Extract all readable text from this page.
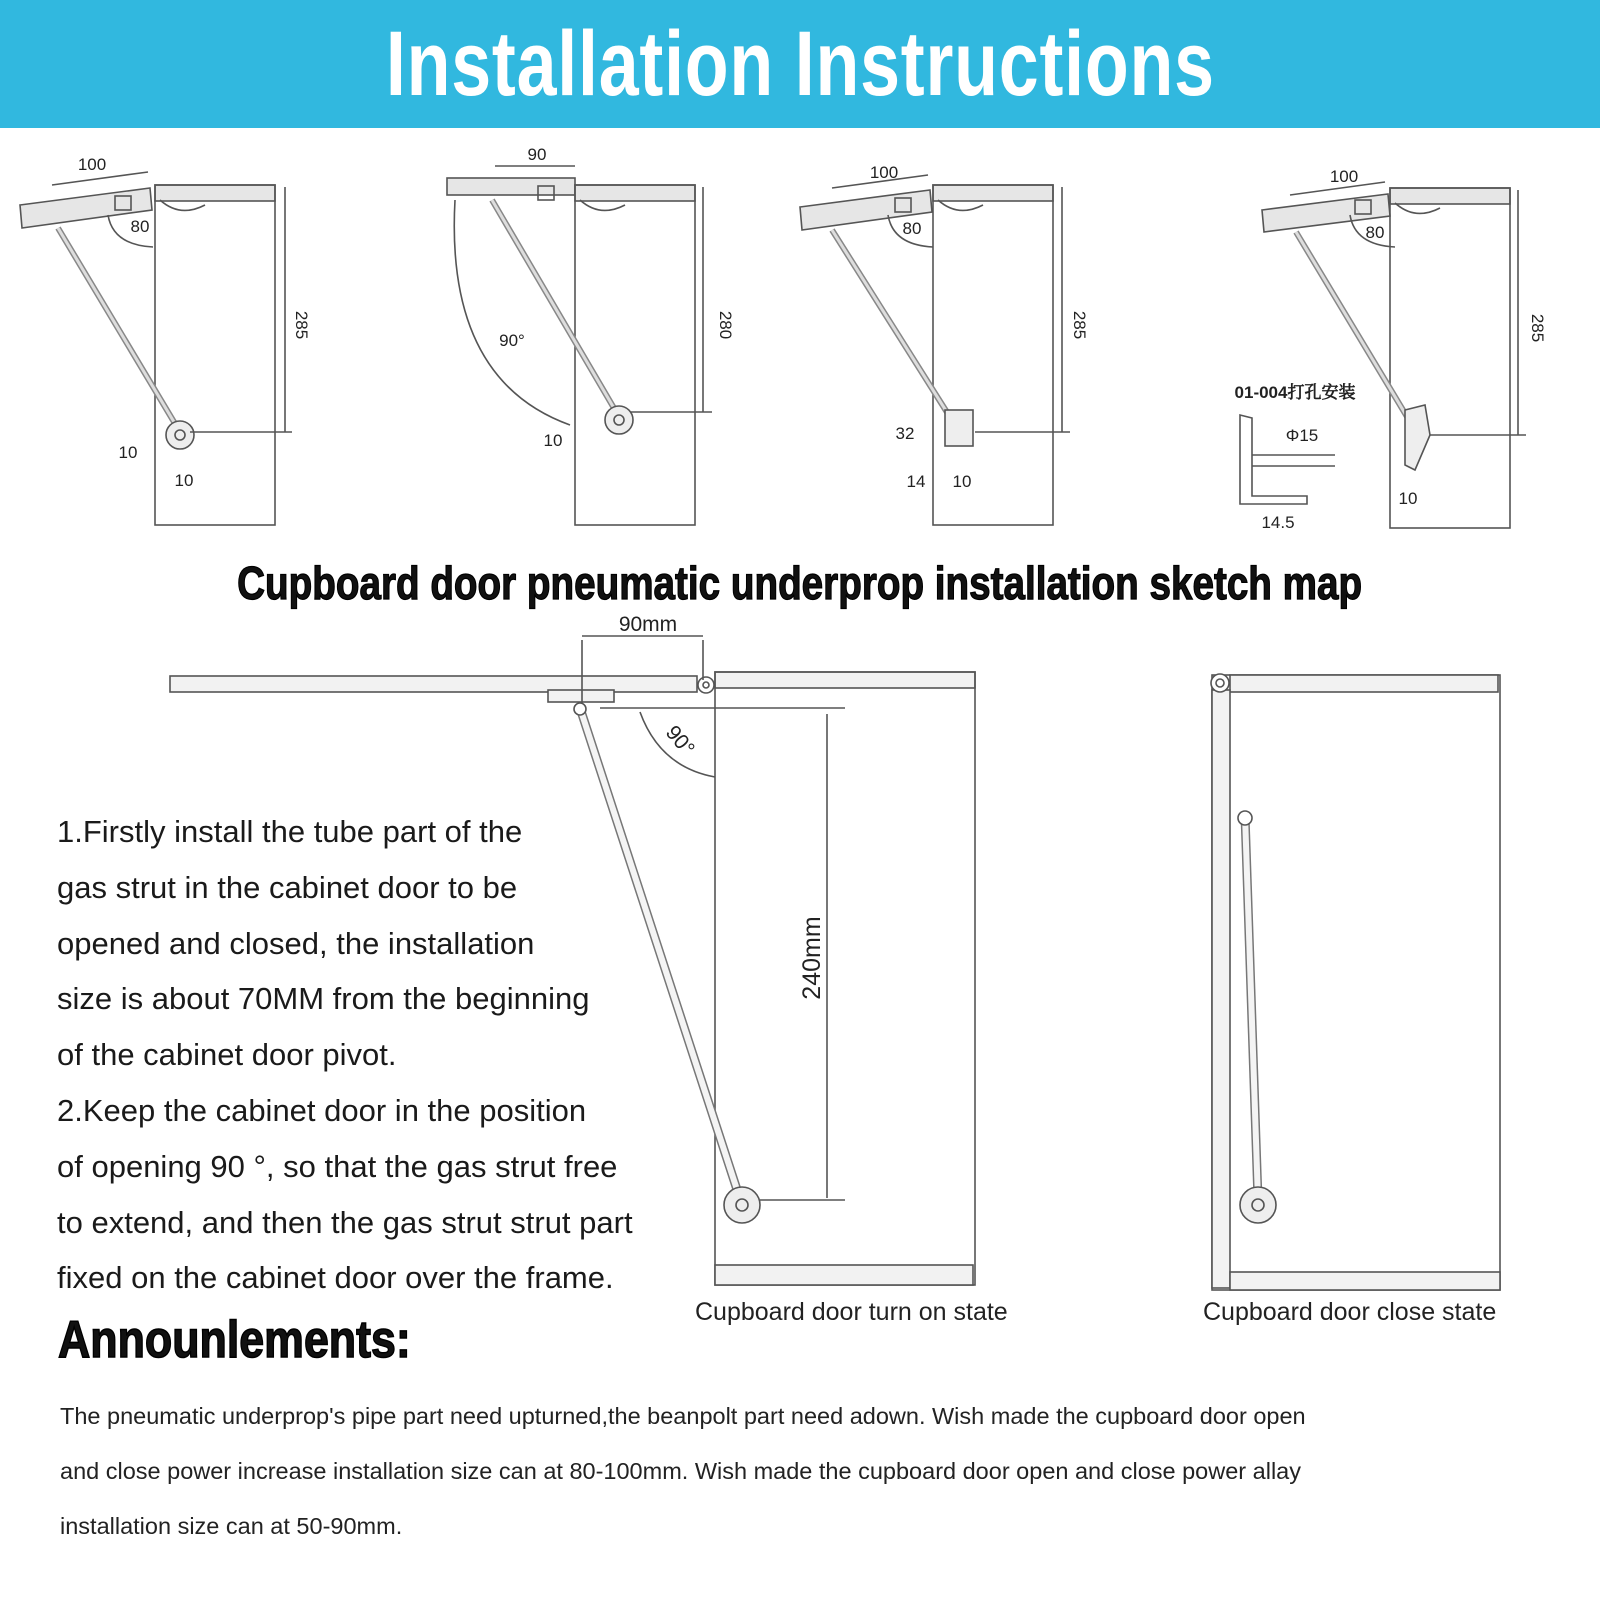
Installation Instructions
100
80
10
10
285
90
90°
10
280
100
80
32
14 10
285
100
80
01-004打孔安装
Φ15
14.5
10
285
90mm
90°
240mm
Cupboard door pneumatic underprop installation sketch map
1.Firstly install the tube part of the
gas strut in the cabinet door to be
opened and closed, the installation
size is about 70MM from the beginning
of the cabinet door pivot.
2.Keep the cabinet door in the position
of opening 90 °, so that the gas strut free
to extend, and then the gas strut strut part
fixed on the cabinet door over the frame.
Cupboard door turn on state	Cupboard door close state
Announlements:
The pneumatic underprop's pipe part need upturned,the beanpolt part need adown. Wish made the cupboard door open
and close power increase installation size can at 80-100mm. Wish made the cupboard door open and close power allay
installation size can at 50-90mm.
